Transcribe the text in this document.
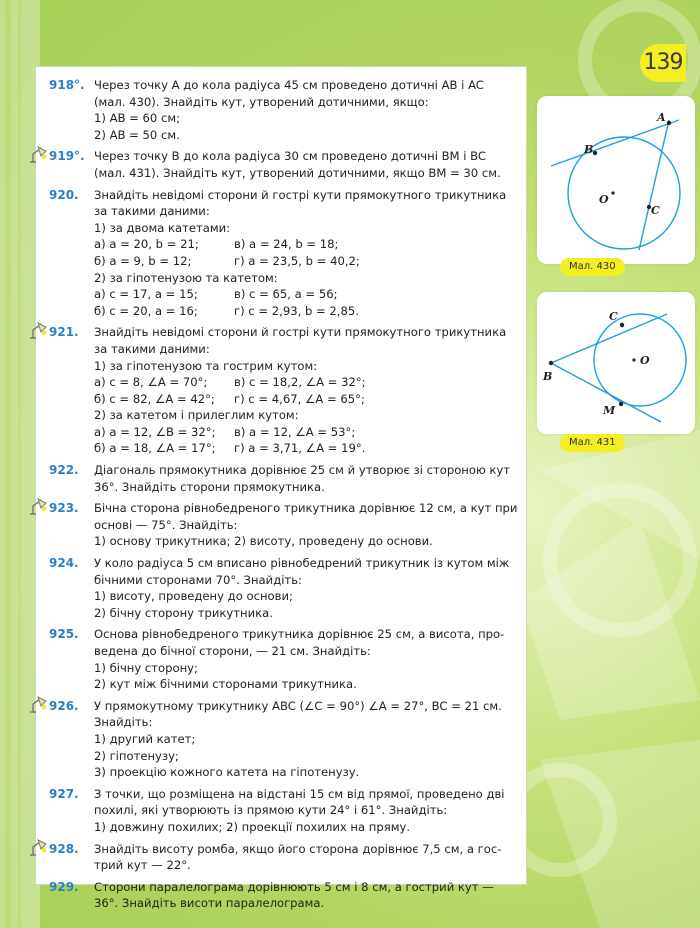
139
A
B
C
O
Мал. 430
C
B
M
O
Мал. 431
918°. Через точку A до кола радіуса 45 см проведено дотичні AB і AC
(мал. 430). Знайдіть кут, утворений дотичними, якщо:
1) AB = 60 см;
2) AB = 50 см.
919°. Через точку B до кола радіуса 30 см проведено дотичні BM і BC
(мал. 431). Знайдіть кут, утворений дотичними, якщо BM = 30 см.
920.	Знайдіть невідомі сторони й гострі кути прямокутного трикутника
за такими даними:
1) за двома катетами:
а) a = 20, b = 21;	в) a = 24, b = 18;
б) a = 9, b = 12;	г) a = 23,5, b = 40,2;
2) за гіпотенузою та катетом:
а) c = 17, a = 15;	в) c = 65, a = 56;
б) c = 20, a = 16;	г) c = 2,93, b = 2,85.
921.	Знайдіть невідомі сторони й гострі кути прямокутного трикутника
за такими даними:
1) за гіпотенузою та гострим кутом:
а) c = 8, ∠A = 70°;	в) c = 18,2, ∠A = 32°;
б) c = 82, ∠A = 42°;	г) c = 4,67, ∠A = 65°;
2) за катетом і прилеглим кутом:
а) a = 12, ∠B = 32°;	в) a = 12, ∠A = 53°;
б) a = 18, ∠A = 17°;	г) a = 3,71, ∠A = 19°.
922.	Діагональ прямокутника дорівнює 25 см й утворює зі стороною кут
36°. Знайдіть сторони прямокутника.
923.	Бічна сторона рівнобедреного трикутника дорівнює 12 см, а кут при
основі — 75°. Знайдіть:
1) основу трикутника; 2) висоту, проведену до основи.
924.	У коло радіуса 5 см вписано рівнобедрений трикутник із кутом між
бічними сторонами 70°. Знайдіть:
1) висоту, проведену до основи;
2) бічну сторону трикутника.
925.	Основа рівнобедреного трикутника дорівнює 25 см, а висота, про-
ведена до бічної сторони, — 21 см. Знайдіть:
1) бічну сторону;
2) кут між бічними сторонами трикутника.
926.	У прямокутному трикутнику ABC (∠C = 90°) ∠A = 27°, BC = 21 см.
Знайдіть:
1) другий катет;
2) гіпотенузу;
3) проекцію кожного катета на гіпотенузу.
927.	З точки, що розміщена на відстані 15 см від прямої, проведено дві
похилі, які утворюють із прямою кути 24° і 61°. Знайдіть:
1) довжину похилих; 2) проекції похилих на пряму.
928.	Знайдіть висоту ромба, якщо його сторона дорівнює 7,5 см, а гос-
трий кут — 22°.
929.	Сторони паралелограма дорівнюють 5 см і 8 см, а гострий кут —
36°. Знайдіть висоти паралелограма.
